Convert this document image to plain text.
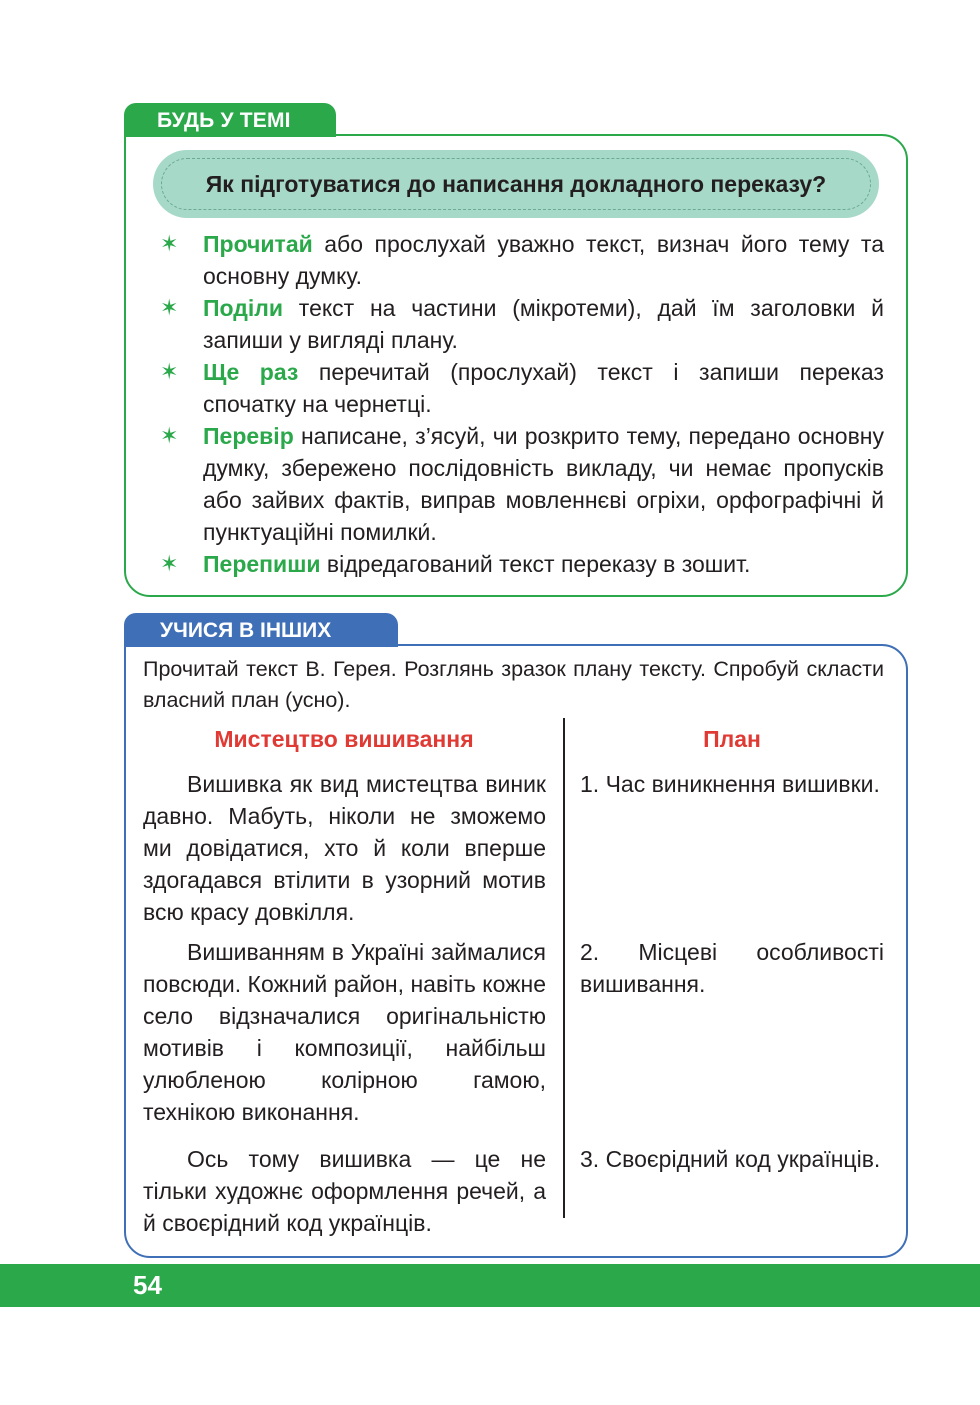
БУДЬ У ТЕМІ
Як підготуватися до написання докладного переказу?
✶ Прочитай або прослухай уважно текст, визнач його тему та основну думку.
✶ Поділи текст на частини (мікротеми), дай їм заголовки й запиши у вигляді плану.
✶ Ще раз перечитай (прослухай) текст і запиши переказ спочатку на чернетці.
✶ Перевір написане, з’ясуй, чи розкрито тему, передано основну думку, збережено послідовність викладу, чи немає пропусків або зайвих фактів, виправ мовленнєві огріхи, орфографічні й пунктуаційні помилки́.
✶ Перепиши відредагований текст переказу в зошит.
УЧИСЯ В ІНШИХ
Прочитай текст В. Герея. Розглянь зразок плану тексту. Спробуй скласти власний план (усно).
Мистецтво вишивання	План
Вишивка як вид мистецтва виник давно. Мабуть, ніколи не зможемо ми довідатися, хто й коли вперше здогадався втілити в узорний мотив всю красу довкілля.
Вишиванням в Україні займалися повсюди. Кожний район, навіть кожне село відзначалися оригінальністю мотивів і композиції, найбільш улюбленою колірною гамою, технікою виконання.
Ось тому вишивка — це не тільки художнє оформлення речей, а й своєрідний код українців.
1. Час виникнення вишивки.
2. Місцеві особливості вишивання.
3. Своєрідний код українців.
54
